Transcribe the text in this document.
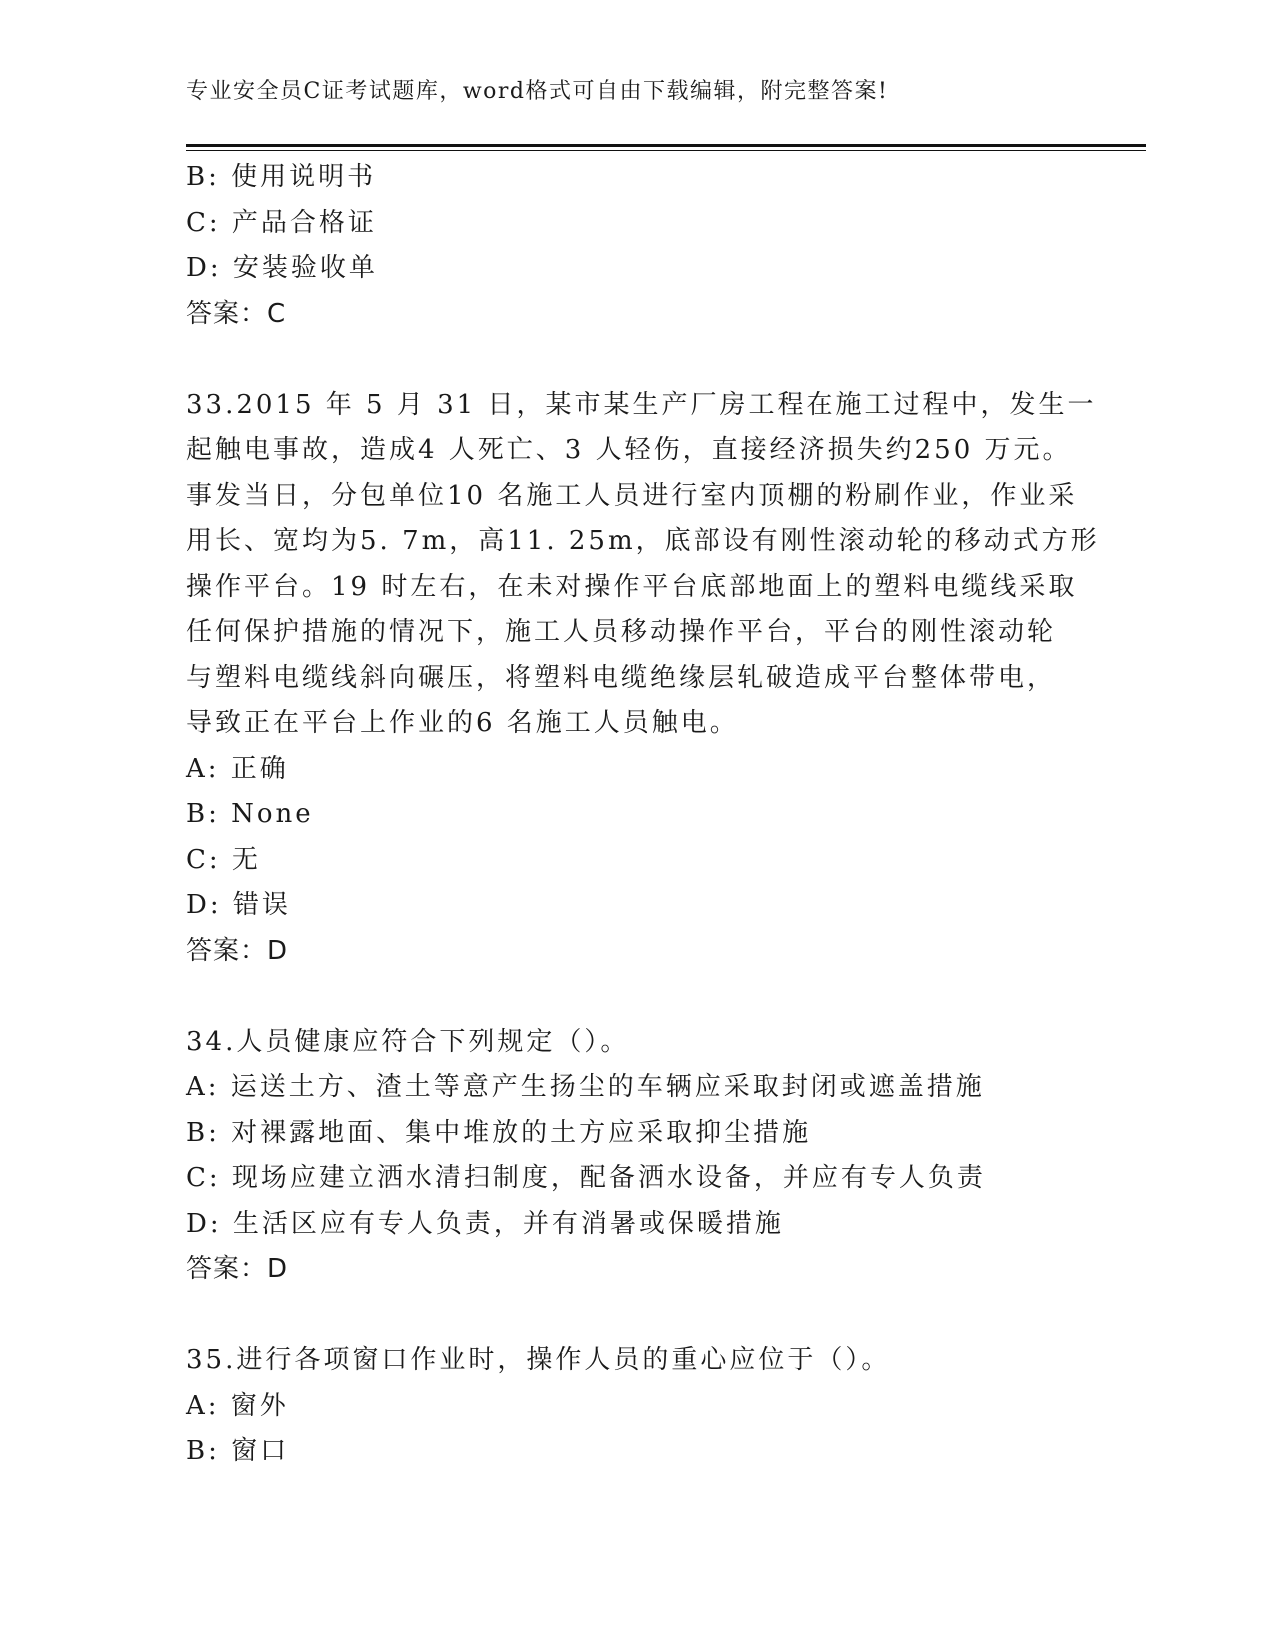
专业安全员C证考试题库，word格式可自由下载编辑，附完整答案!
B: 使用说明书
C: 产品合格证
D: 安装验收单
答案：C
33.2015 年 5 月 31 日，某市某生产厂房工程在施工过程中，发生一
起触电事故，造成4 人死亡、3 人轻伤，直接经济损失约250 万元。
事发当日，分包单位10 名施工人员进行室内顶棚的粉刷作业，作业采
用长、宽均为5. 7m，高11. 25m，底部设有刚性滚动轮的移动式方形
操作平台。19 时左右，在未对操作平台底部地面上的塑料电缆线采取
任何保护措施的情况下，施工人员移动操作平台，平台的刚性滚动轮
与塑料电缆线斜向碾压，将塑料电缆绝缘层轧破造成平台整体带电，
导致正在平台上作业的6 名施工人员触电。
A: 正确
B: None
C: 无
D: 错误
答案：D
34.人员健康应符合下列规定（）。
A: 运送土方、渣土等意产生扬尘的车辆应采取封闭或遮盖措施
B: 对裸露地面、集中堆放的土方应采取抑尘措施
C: 现场应建立洒水清扫制度，配备洒水设备，并应有专人负责
D: 生活区应有专人负责，并有消暑或保暖措施
答案：D
35.进行各项窗口作业时，操作人员的重心应位于（）。
A: 窗外
B: 窗口
